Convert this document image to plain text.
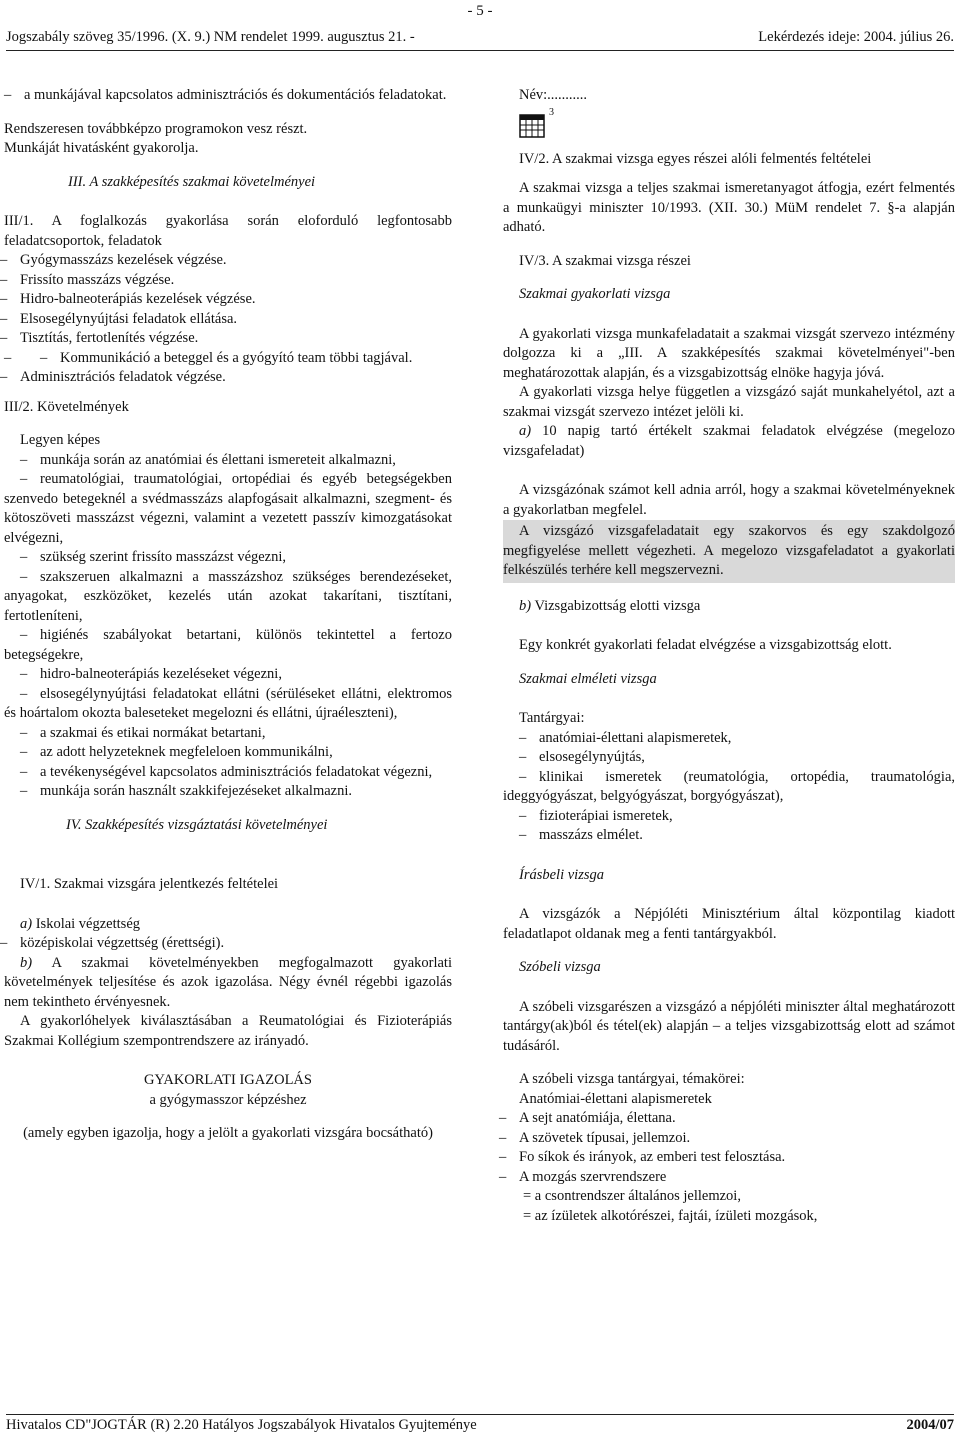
- 5 -
Jogszabály szöveg 35/1996. (X. 9.) NM rendelet 1999. augusztus 21. -	Lekérdezés ideje: 2004. július 26.

– a munkájával kapcsolatos adminisztrációs és dokumentációs feladatokat.

Rendszeresen továbbképzo programokon vesz részt.

Munkáját hivatásként gyakorolja.

III. A szakképesítés szakmai követelményei

III/1. A foglalkozás gyakorlása során eloforduló legfontosabb feladatcsoportok, feladatok

– Gyógymasszázs kezelések végzése.

– Frissíto masszázs végzése.

– Hidro-balneoterápiás kezelések végzése.

– Elsosegélynyújtási feladatok ellátása.

– Tisztítás, fertotlenítés végzése.

– – Kommunikáció a beteggel és a gyógyító team többi tagjával.

– Adminisztrációs feladatok végzése.

III/2. Követelmények

Legyen képes

– munkája során az anatómiai és élettani ismereteit alkalmazni,

– reumatológiai, traumatológiai, ortopédiai és egyéb betegségekben szenvedo betegeknél a svédmasszázs alapfogásait alkalmazni, szegment- és kötoszöveti masszázst végezni, valamint a vezetett passzív kimozgatásokat elvégezni,

– szükség szerint frissíto masszázst végezni,

– szakszeruen alkalmazni a masszázshoz szükséges berendezéseket, anyagokat, eszközöket, kezelés után azokat takarítani, tisztítani, fertotleníteni,

– higiénés szabályokat betartani, különös tekintettel a fertozo betegségekre,

– hidro-balneoterápiás kezeléseket végezni,

– elsosegélynyújtási feladatokat ellátni (sérüléseket ellátni, elektromos és hoártalom okozta baleseteket megelozni és ellátni, újraéleszteni),

– a szakmai és etikai normákat betartani,

– az adott helyzeteknek megfeleloen kommunikálni,

– a tevékenységével kapcsolatos adminisztrációs feladatokat végezni,

– munkája során használt szakkifejezéseket alkalmazni.

IV. Szakképesítés vizsgáztatási követelményei

IV/1. Szakmai vizsgára jelentkezés feltételei

a) Iskolai végzettség

– középiskolai végzettség (érettségi).

b) A szakmai követelményekben megfogalmazott gyakorlati követelmények teljesítése és azok igazolása. Négy évnél régebbi igazolás nem tekintheto érvényesnek.

A gyakorlóhelyek kiválasztásában a Reumatológiai és Fizioterápiás Szakmai Kollégium szempontrendszere az irányadó.

GYAKORLATI IGAZOLÁS

a gyógymasszor képzéshez

(amely egyben igazolja, hogy a jelölt a gyakorlati vizsgára bocsátható)

Név:...........

3

IV/2. A szakmai vizsga egyes részei alóli felmentés feltételei

A szakmai vizsga a teljes szakmai ismeretanyagot átfogja, ezért felmentés a munkaügyi miniszter 10/1993. (XII. 30.) MüM rendelet 7. §-a alapján adható.

IV/3. A szakmai vizsga részei

Szakmai gyakorlati vizsga

A gyakorlati vizsga munkafeladatait a szakmai vizsgát szervezo intézmény dolgozza ki a „III. A szakképesítés szakmai követelményei"-ben meghatározottak alapján, és a vizsgabizottság elnöke hagyja jóvá.

A gyakorlati vizsga helye független a vizsgázó saját munkahelyétol, azt a szakmai vizsgát szervezo intézet jelöli ki.

a) 10 napig tartó értékelt szakmai feladatok elvégzése (megelozo vizsgafeladat)

A vizsgázónak számot kell adnia arról, hogy a szakmai követelményeknek a gyakorlatban megfelel.

A vizsgázó vizsgafeladatait egy szakorvos és egy szakdolgozó megfigyelése mellett végezheti. A megelozo vizsgafeladatot a gyakorlati felkészülés terhére kell megszervezni.

b) Vizsgabizottság elotti vizsga

Egy konkrét gyakorlati feladat elvégzése a vizsgabizottság elott.

Szakmai elméleti vizsga

Tantárgyai:

– anatómiai-élettani alapismeretek,

– elsosegélynyújtás,

– klinikai ismeretek (reumatológia, ortopédia, traumatológia, ideggyógyászat, belgyógyászat, borgyógyászat),

– fizioterápiai ismeretek,

– masszázs elmélet.

Írásbeli vizsga

A vizsgázók a Népjóléti Minisztérium által központilag kiadott feladatlapot oldanak meg a fenti tantárgyakból.

Szóbeli vizsga

A szóbeli vizsgarészen a vizsgázó a népjóléti miniszter által meghatározott tantárgy(ak)ból és tétel(ek) alapján – a teljes vizsgabizottság elott ad számot tudásáról.

A szóbeli vizsga tantárgyai, témakörei:

Anatómiai-élettani alapismeretek

– A sejt anatómiája, élettana.

– A szövetek típusai, jellemzoi.

– Fo síkok és irányok, az emberi test felosztása.

– A mozgás szervrendszere

= a csontrendszer általános jellemzoi,

= az ízületek alkotórészei, fajtái, ízületi mozgások,

Hivatalos CD"JOGTÁR (R) 2.20 Hatályos Jogszabályok Hivatalos Gyujteménye	2004/07
